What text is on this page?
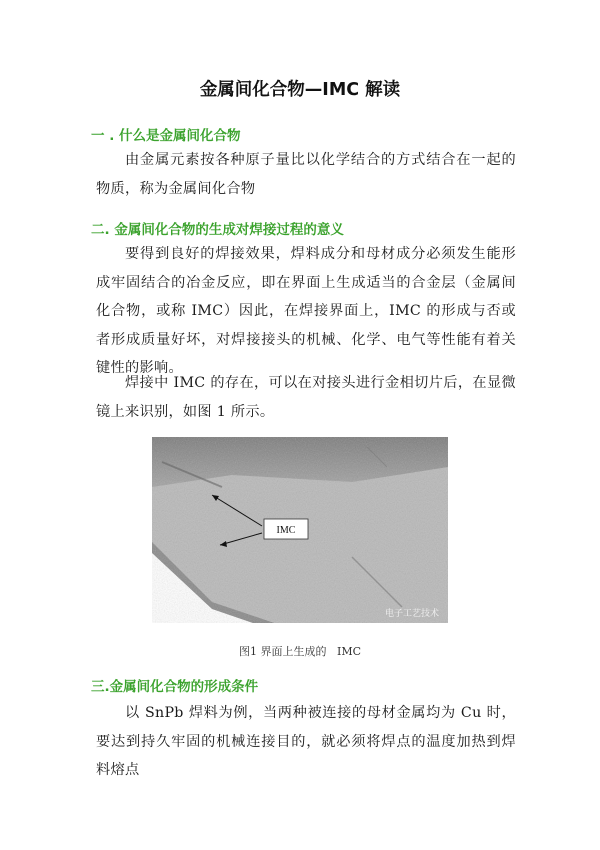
金属间化合物—IMC 解读
一 . 什么是金属间化合物

由金属元素按各种原子量比以化学结合的方式结合在一起的物质，称为金属间化合物

二. 金属间化合物的生成对焊接过程的意义

要得到良好的焊接效果，焊料成分和母材成分必须发生能形成牢固结合的冶金反应，即在界面上生成适当的合金层（金属间化合物，或称 IMC）因此，在焊接界面上，IMC 的形成与否或者形成质量好坏，对焊接接头的机械、化学、电气等性能有着关键性的影响。

焊接中 IMC 的存在，可以在对接头进行金相切片后，在显微镜上来识别，如图 1 所示。

IMC
电子工艺技术
图1 界面上生成的   IMC
三.金属间化合物的形成条件

以 SnPb 焊料为例，当两种被连接的母材金属均为 Cu 时，要达到持久牢固的机械连接目的，就必须将焊点的温度加热到焊料熔点
